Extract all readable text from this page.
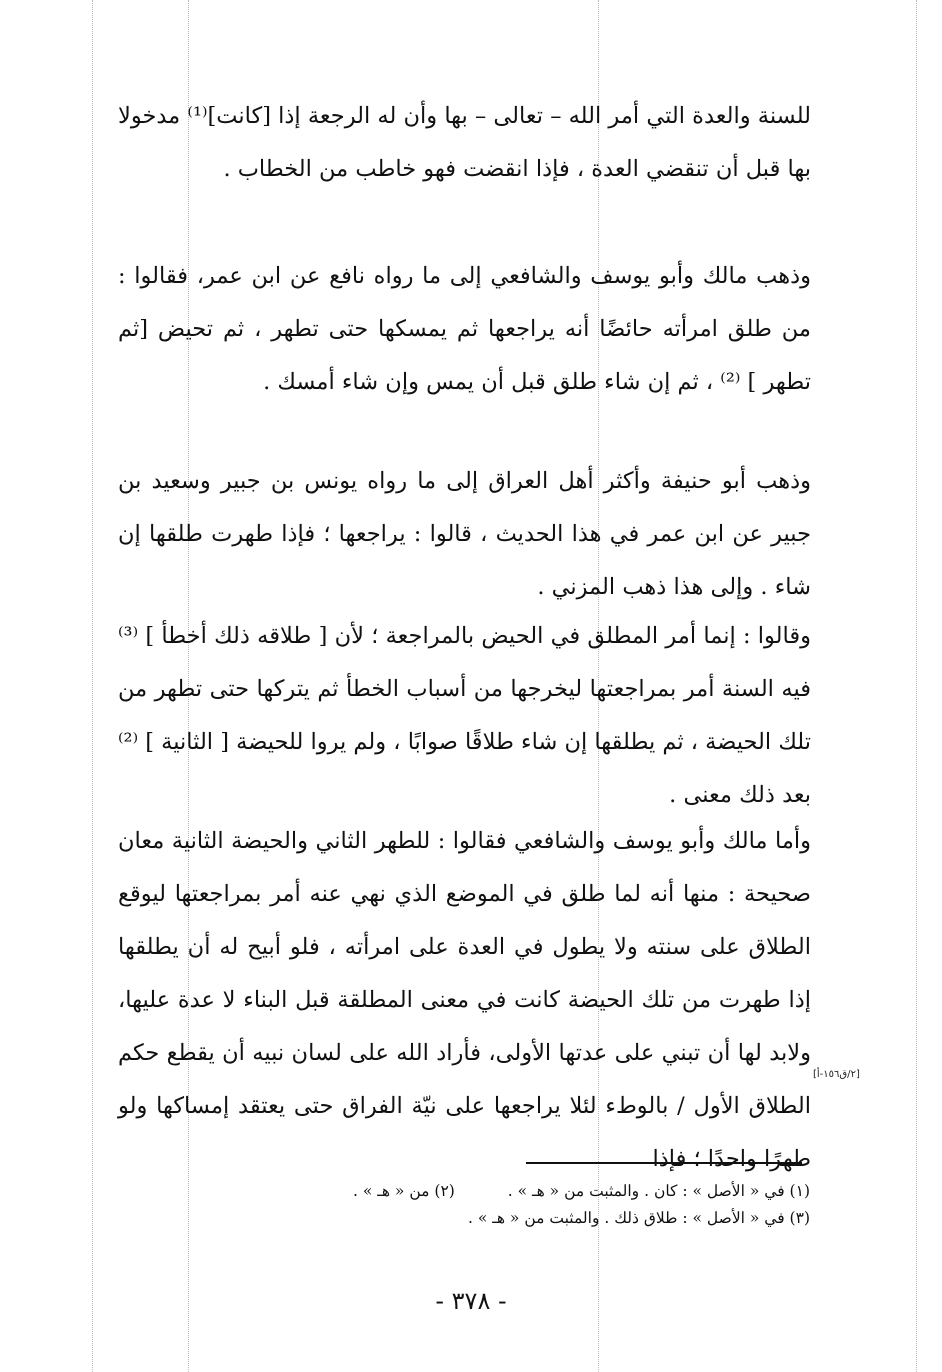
للسنة والعدة التي أمر الله – تعالى – بها وأن له الرجعة إذا [كانت]⁽¹⁾ مدخولا بها قبل أن تنقضي العدة ، فإذا انقضت فهو خاطب من الخطاب .

وذهب مالك وأبو يوسف والشافعي إلى ما رواه نافع عن ابن عمر، فقالوا : من طلق امرأته حائضًا أنه يراجعها ثم يمسكها حتى تطهر ، ثم تحيض [ثم تطهر ] ⁽²⁾ ، ثم إن شاء طلق قبل أن يمس وإن شاء أمسك .

وذهب أبو حنيفة وأكثر أهل العراق إلى ما رواه يونس بن جبير وسعيد بن جبير عن ابن عمر في هذا الحديث ، قالوا : يراجعها ؛ فإذا طهرت طلقها إن شاء . وإلى هذا ذهب المزني .

وقالوا : إنما أمر المطلق في الحيض بالمراجعة ؛ لأن [ طلاقه ذلك أخطأ ] ⁽³⁾ فيه السنة أمر بمراجعتها ليخرجها من أسباب الخطأ ثم يتركها حتى تطهر من تلك الحيضة ، ثم يطلقها إن شاء طلاقًا صوابًا ، ولم يروا للحيضة [ الثانية ] ⁽²⁾ بعد ذلك معنى .

وأما مالك وأبو يوسف والشافعي فقالوا : للطهر الثاني والحيضة الثانية معان صحيحة : منها أنه لما طلق في الموضع الذي نهي عنه أمر بمراجعتها ليوقع الطلاق على سنته ولا يطول في العدة على امرأته ، فلو أبيح له أن يطلقها إذا طهرت من تلك الحيضة كانت في معنى المطلقة قبل البناء لا عدة عليها، ولابد لها أن تبني على عدتها الأولى، فأراد الله على لسان نبيه أن يقطع حكم الطلاق الأول / بالوطء لئلا يراجعها على نيّة الفراق حتى يعتقد إمساكها ولو طهرًا واحدًا ؛ فإذا

[٢/ق١٥٦-أ]

(١) في « الأصل » : كان . والمثبت من « هـ » . (٢) من « هـ » .

(٣) في « الأصل » : طلاق ذلك . والمثبت من « هـ » .

- ٣٧٨ -
